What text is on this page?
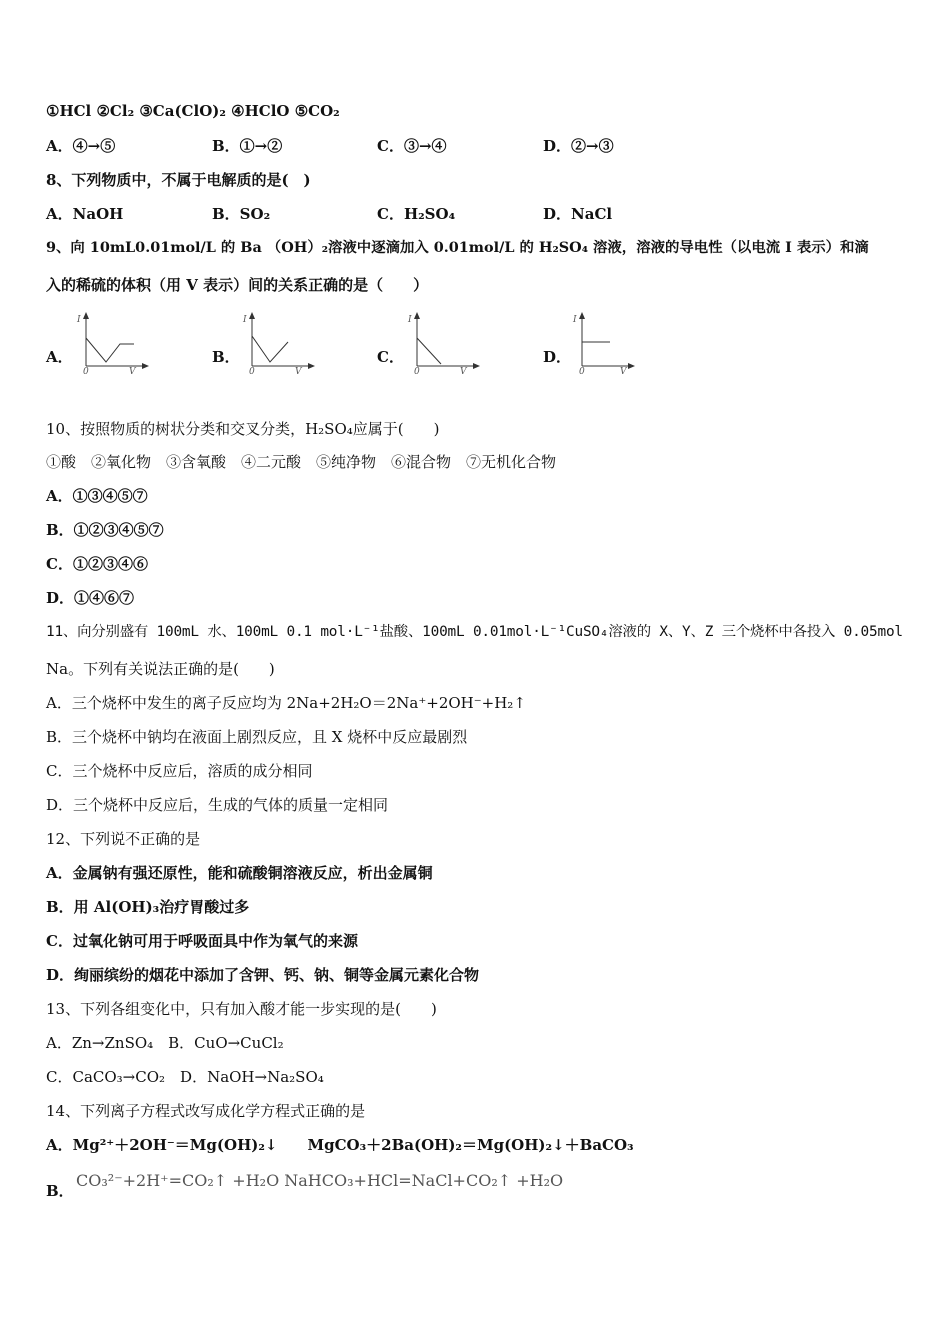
①HCl ②Cl₂ ③Ca(ClO)₂ ④HClO ⑤CO₂
A．④→⑤	B．①→②	C．③→④	D．②→③
8、下列物质中，不属于电解质的是(　)
A．NaOH	B．SO₂	C．H₂SO₄	D．NaCl
9、向 10mL0.01mol/L 的 Ba （OH）₂溶液中逐滴加入 0.01mol/L 的 H₂SO₄ 溶液，溶液的导电性（以电流 I 表示）和滴
入的稀硫的体积（用 V 表示）间的关系正确的是（　　）
A．
I
0	V
B．
I
0	V
C．
I
0	V
D．
I
0	V
10、按照物质的树状分类和交叉分类，H₂SO₄应属于(　　)
①酸　②氧化物　③含氧酸　④二元酸　⑤纯净物　⑥混合物　⑦无机化合物
A．①③④⑤⑦
B．①②③④⑤⑦
C．①②③④⑥
D．①④⑥⑦
11、向分别盛有 100mL 水、100mL 0.1 mol·L⁻¹盐酸、100mL 0.01mol·L⁻¹CuSO₄溶液的 X、Y、Z 三个烧杯中各投入 0.05mol
Na。下列有关说法正确的是(　　)
A．三个烧杯中发生的离子反应均为 2Na+2H₂O＝2Na⁺+2OH⁻+H₂↑
B．三个烧杯中钠均在液面上剧烈反应，且 X 烧杯中反应最剧烈
C．三个烧杯中反应后，溶质的成分相同
D．三个烧杯中反应后，生成的气体的质量一定相同
12、下列说不正确的是
A．金属钠有强还原性，能和硫酸铜溶液反应，析出金属铜
B．用 Al(OH)₃治疗胃酸过多
C．过氧化钠可用于呼吸面具中作为氧气的来源
D．绚丽缤纷的烟花中添加了含钾、钙、钠、铜等金属元素化合物
13、下列各组变化中，只有加入酸才能一步实现的是(　　)
A．Zn→ZnSO₄　B．CuO→CuCl₂
C．CaCO₃→CO₂　D．NaOH→Na₂SO₄
14、下列离子方程式改写成化学方程式正确的是
A．Mg²⁺＋2OH⁻＝Mg(OH)₂↓　　MgCO₃＋2Ba(OH)₂＝Mg(OH)₂↓＋BaCO₃
B．
CO₃²⁻+2H⁺=CO₂↑ +H₂O NaHCO₃+HCl=NaCl+CO₂↑ +H₂O
